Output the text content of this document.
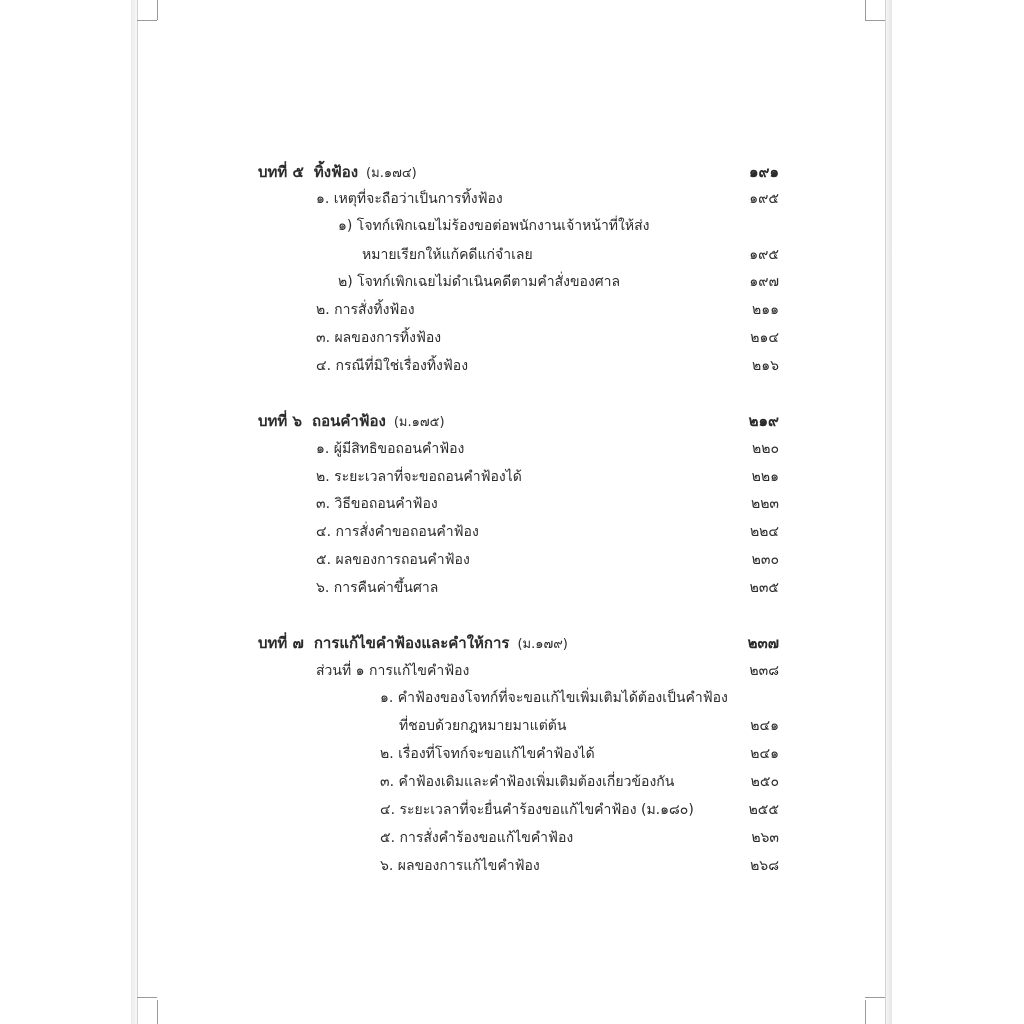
บทที่ ๕ ทิ้งฟ้อง (ม.๑๗๔)	๑๙๑
๑. เหตุที่จะถือว่าเป็นการทิ้งฟ้อง	๑๙๕
๑) โจทก์เพิกเฉยไม่ร้องขอต่อพนักงานเจ้าหน้าที่ให้ส่ง
หมายเรียกให้แก้คดีแก่จำเลย	๑๙๕
๒) โจทก์เพิกเฉยไม่ดำเนินคดีตามคำสั่งของศาล	๑๙๗
๒. การสั่งทิ้งฟ้อง	๒๑๑
๓. ผลของการทิ้งฟ้อง	๒๑๔
๔. กรณีที่มิใช่เรื่องทิ้งฟ้อง	๒๑๖
บทที่ ๖ ถอนคำฟ้อง (ม.๑๗๕)	๒๑๙
๑. ผู้มีสิทธิขอถอนคำฟ้อง	๒๒๐
๒. ระยะเวลาที่จะขอถอนคำฟ้องได้	๒๒๑
๓. วิธีขอถอนคำฟ้อง	๒๒๓
๔. การสั่งคำขอถอนคำฟ้อง	๒๒๔
๕. ผลของการถอนคำฟ้อง	๒๓๐
๖. การคืนค่าขึ้นศาล	๒๓๕
บทที่ ๗ การแก้ไขคำฟ้องและคำให้การ (ม.๑๗๙)	๒๓๗
ส่วนที่ ๑ การแก้ไขคำฟ้อง	๒๓๘
๑. คำฟ้องของโจทก์ที่จะขอแก้ไขเพิ่มเติมได้ต้องเป็นคำฟ้อง
ที่ชอบด้วยกฎหมายมาแต่ต้น	๒๔๑
๒. เรื่องที่โจทก์จะขอแก้ไขคำฟ้องได้	๒๔๑
๓. คำฟ้องเดิมและคำฟ้องเพิ่มเติมต้องเกี่ยวข้องกัน	๒๕๐
๔. ระยะเวลาที่จะยื่นคำร้องขอแก้ไขคำฟ้อง (ม.๑๘๐)	๒๕๕
๕. การสั่งคำร้องขอแก้ไขคำฟ้อง	๒๖๓
๖. ผลของการแก้ไขคำฟ้อง	๒๖๘
